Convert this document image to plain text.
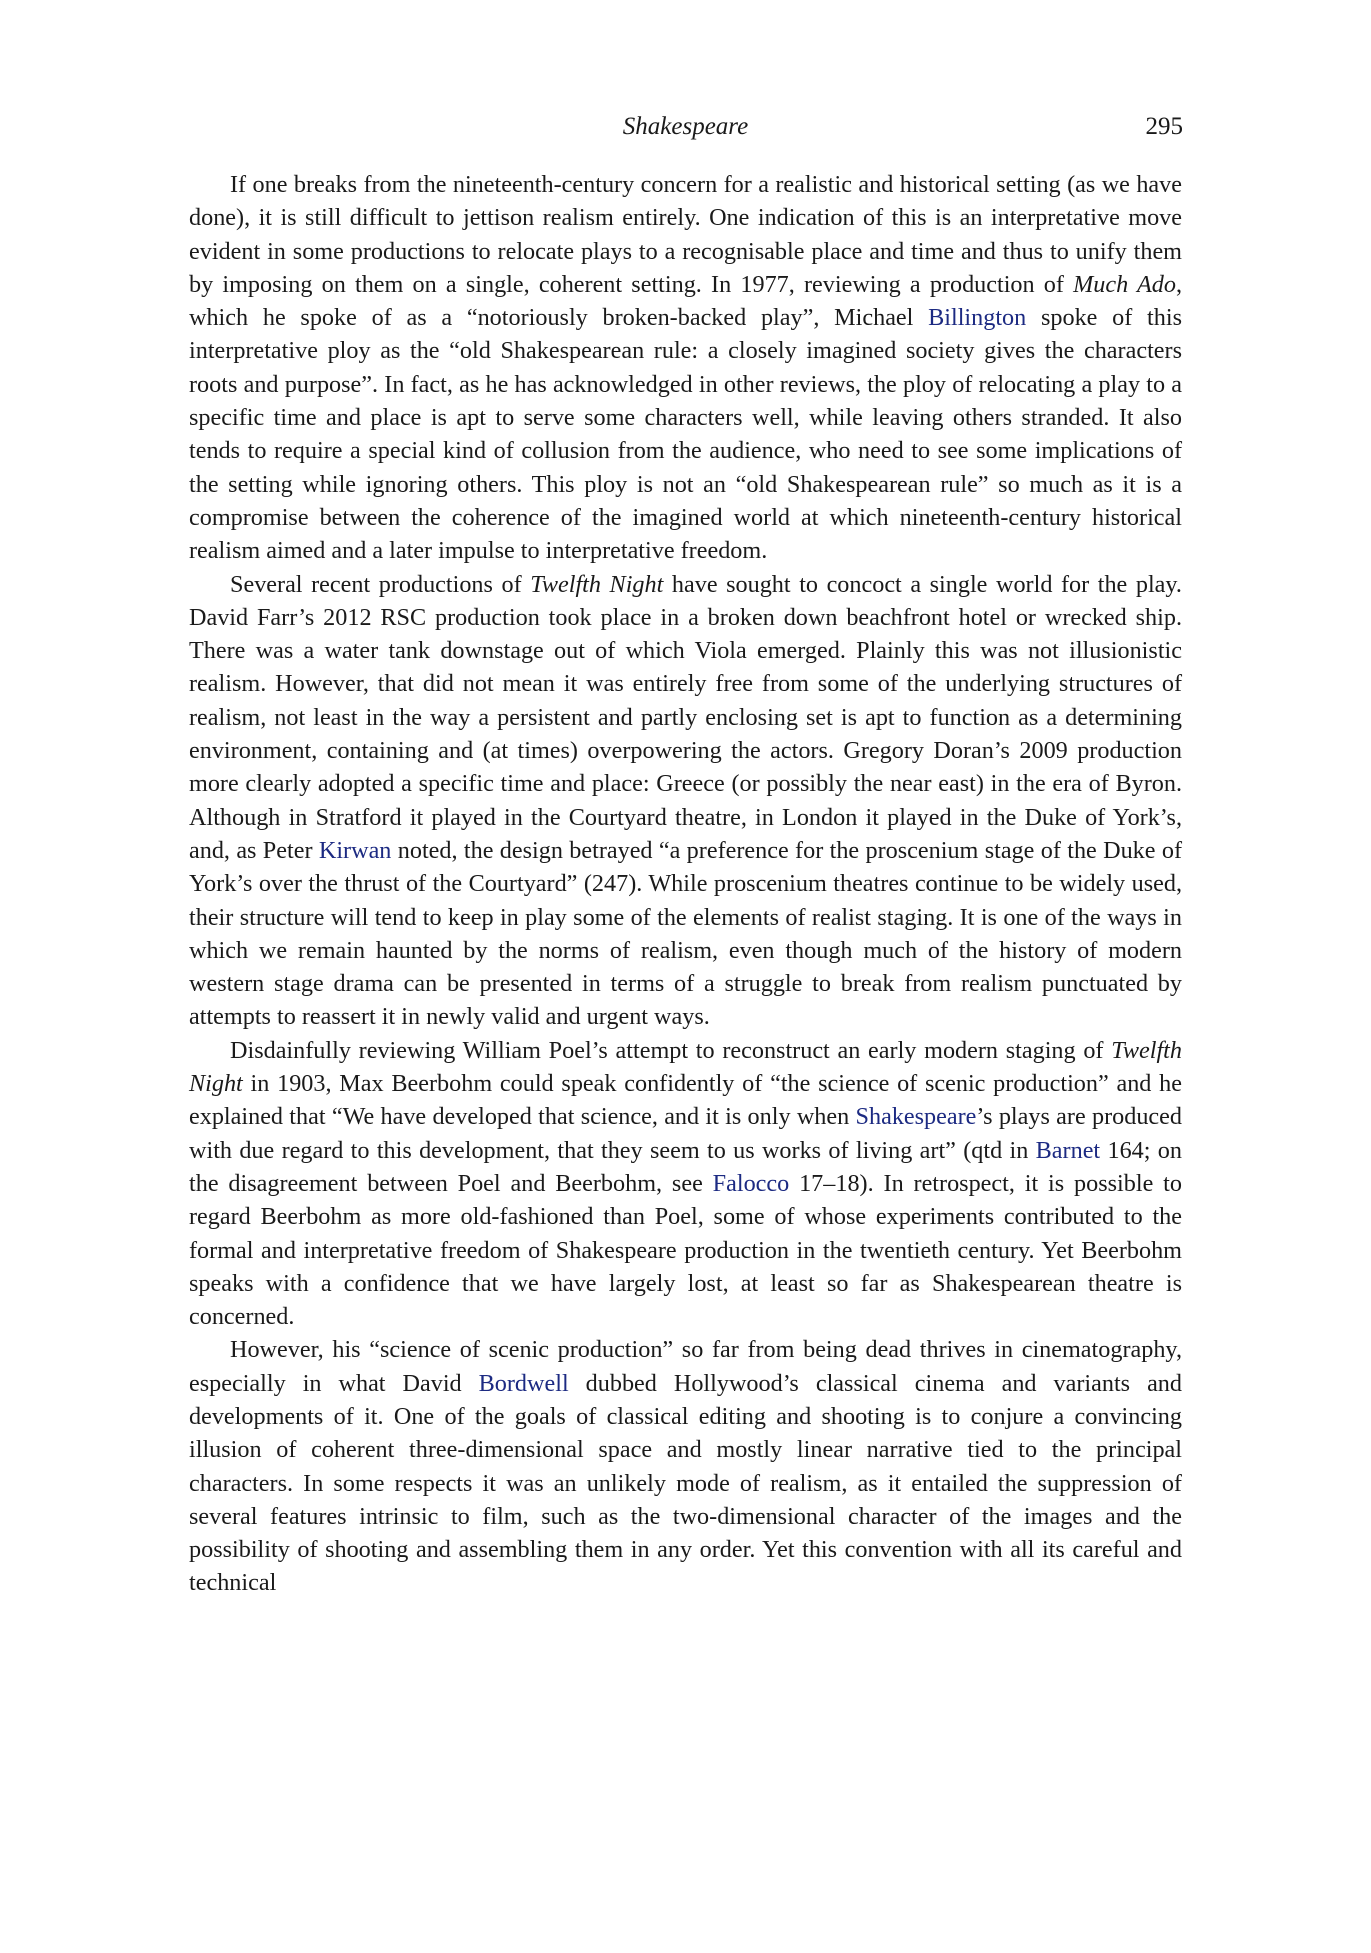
Shakespeare	295

If one breaks from the nineteenth-century concern for a realistic and historical setting (as we have done), it is still difficult to jettison realism entirely. One indication of this is an interpretative move evident in some productions to relocate plays to a recognisable place and time and thus to unify them by imposing on them on a single, coherent setting. In 1977, reviewing a production of Much Ado, which he spoke of as a “notoriously broken-backed play”, Michael Billington spoke of this interpretative ploy as the “old Shakespearean rule: a closely imagined society gives the characters roots and purpose”. In fact, as he has acknowledged in other reviews, the ploy of relocating a play to a specific time and place is apt to serve some characters well, while leaving others stranded. It also tends to require a special kind of collusion from the audience, who need to see some implications of the setting while ignoring others. This ploy is not an “old Shakespearean rule” so much as it is a compromise between the coherence of the imagined world at which nineteenth-century historical realism aimed and a later impulse to interpretative freedom.

Several recent productions of Twelfth Night have sought to concoct a single world for the play. David Farr’s 2012 RSC production took place in a broken down beachfront hotel or wrecked ship. There was a water tank downstage out of which Viola emerged. Plainly this was not illusionistic realism. However, that did not mean it was entirely free from some of the underlying structures of realism, not least in the way a persistent and partly enclosing set is apt to function as a determining environment, containing and (at times) overpowering the actors. Gregory Doran’s 2009 production more clearly adopted a specific time and place: Greece (or possibly the near east) in the era of Byron. Although in Stratford it played in the Courtyard theatre, in London it played in the Duke of York’s, and, as Peter Kirwan noted, the design betrayed “a preference for the proscenium stage of the Duke of York’s over the thrust of the Courtyard” (247). While proscenium theatres continue to be widely used, their structure will tend to keep in play some of the elements of realist staging. It is one of the ways in which we remain haunted by the norms of realism, even though much of the history of modern western stage drama can be presented in terms of a struggle to break from realism punctuated by attempts to reassert it in newly valid and urgent ways.

Disdainfully reviewing William Poel’s attempt to reconstruct an early modern staging of Twelfth Night in 1903, Max Beerbohm could speak confidently of “the science of scenic production” and he explained that “We have developed that science, and it is only when Shakespeare’s plays are produced with due regard to this development, that they seem to us works of living art” (qtd in Barnet 164; on the disagreement between Poel and Beerbohm, see Falocco 17–18). In retrospect, it is possible to regard Beerbohm as more old-fashioned than Poel, some of whose experiments contributed to the formal and interpretative freedom of Shakespeare production in the twentieth century. Yet Beerbohm speaks with a confidence that we have largely lost, at least so far as Shakespearean theatre is concerned.

However, his “science of scenic production” so far from being dead thrives in cinematography, especially in what David Bordwell dubbed Hollywood’s classical cinema and variants and developments of it. One of the goals of classical editing and shooting is to conjure a convincing illusion of coherent three-dimensional space and mostly linear narrative tied to the principal characters. In some respects it was an unlikely mode of realism, as it entailed the suppression of several features intrinsic to film, such as the two-dimensional character of the images and the possibility of shooting and assembling them in any order. Yet this convention with all its careful and technical
